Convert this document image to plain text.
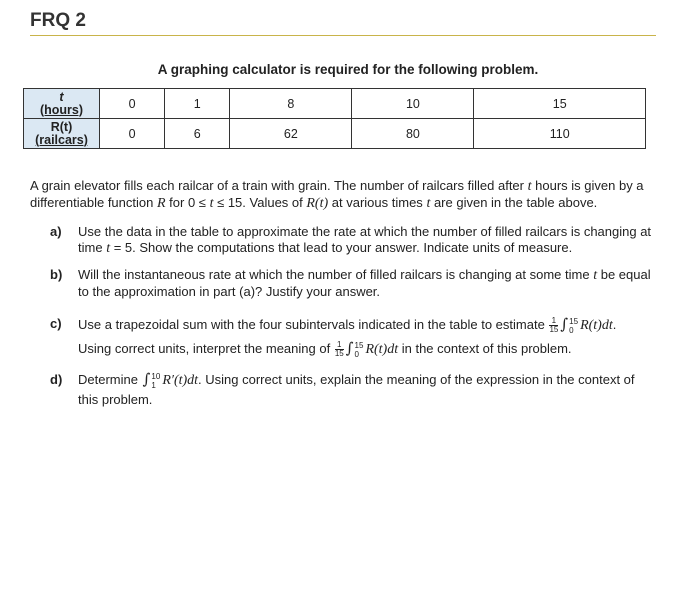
FRQ 2
A graphing calculator is required for the following problem.
t
(hours)	0	1	8	10	15
R(t)
(railcars)	0	6	62	80	110
A grain elevator fills each railcar of a train with grain. The number of railcars filled after t hours is given by a differentiable function R for 0 ≤ t ≤ 15. Values of R(t) at various times t are given in the table above.
a) Use the data in the table to approximate the rate at which the number of filled railcars is changing at time t = 5. Show the computations that lead to your answer. Indicate units of measure.
b) Will the instantaneous rate at which the number of filled railcars is changing at some time t be equal to the approximation in part (a)? Justify your answer.
c) Use a trapezoidal sum with the four subintervals indicated in the table to estimate $\frac{1}{15}$ ∫ 15
0 R(t)dt.
Using correct units, interpret the meaning of $\frac{1}{15}$ ∫ 15
0 R(t)dt in the context of this problem.
d) Determine ∫ 10
1 R′(t)dt. Using correct units, explain the meaning of the expression in the context of this problem.
